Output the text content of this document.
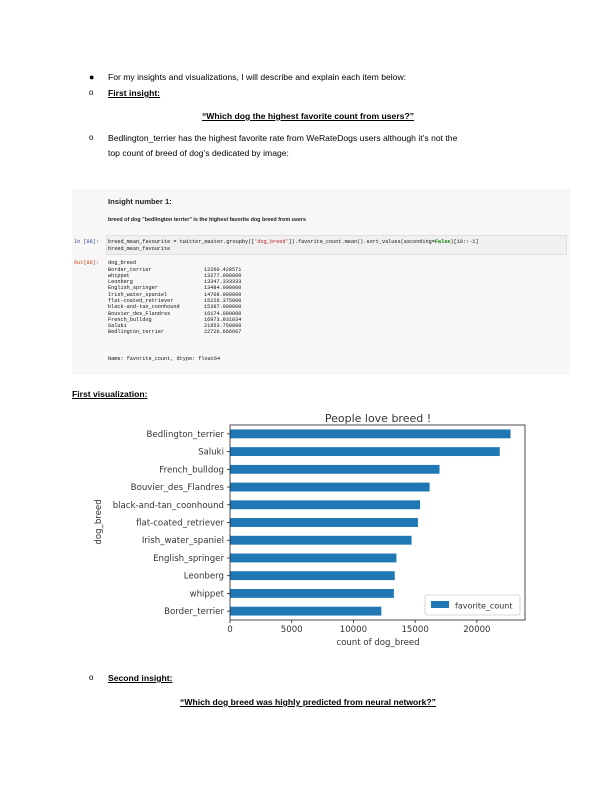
● For my insights and visualizations, I will describe and explain each item below:
o First insight:
“Which dog the highest favorite count from users?”
o Bedlington_terrier has the highest favorite rate from WeRateDogs users although it’s not the
top count of breed of dog’s dedicated by image:
Insight number 1:
breed of dog "bedlington terrier" is the highest favorite dog breed from users
In [88]: breed_mean_favourite = twitter_master.groupby(['dog_breed']).favorite_count.mean().sort_values(ascending=False)[10::-1]
breed_mean_favourite
Out[88]: dog_breed
Border_terrier	12260.428571
whippet	13277.000000
Leonberg	13347.333333
English_springer	13484.000000
Irish_water_spaniel	14708.000000
flat-coated_retriever	15226.375000
black-and-tan_coonhound	15397.000000
Bouvier_des_Flandres	16174.000000
French_bulldog	16973.931034
Saluki	21853.750000
Bedlington_terrier	22726.666667
Name: favorite_count, dtype: float64
First visualization:
People love breed !
Bedlington_terrier
Saluki
French_bulldog
Bouvier_des_Flandres
black-and-tan_coonhound
flat-coated_retriever
Irish_water_spaniel
English_springer
Leonberg
whippet
Border_terrier
0	5000	10000	15000	20000
count of dog_breed
dog_breed
favorite_count
o Second insight:
“Which dog breed was highly predicted from neural network?”
